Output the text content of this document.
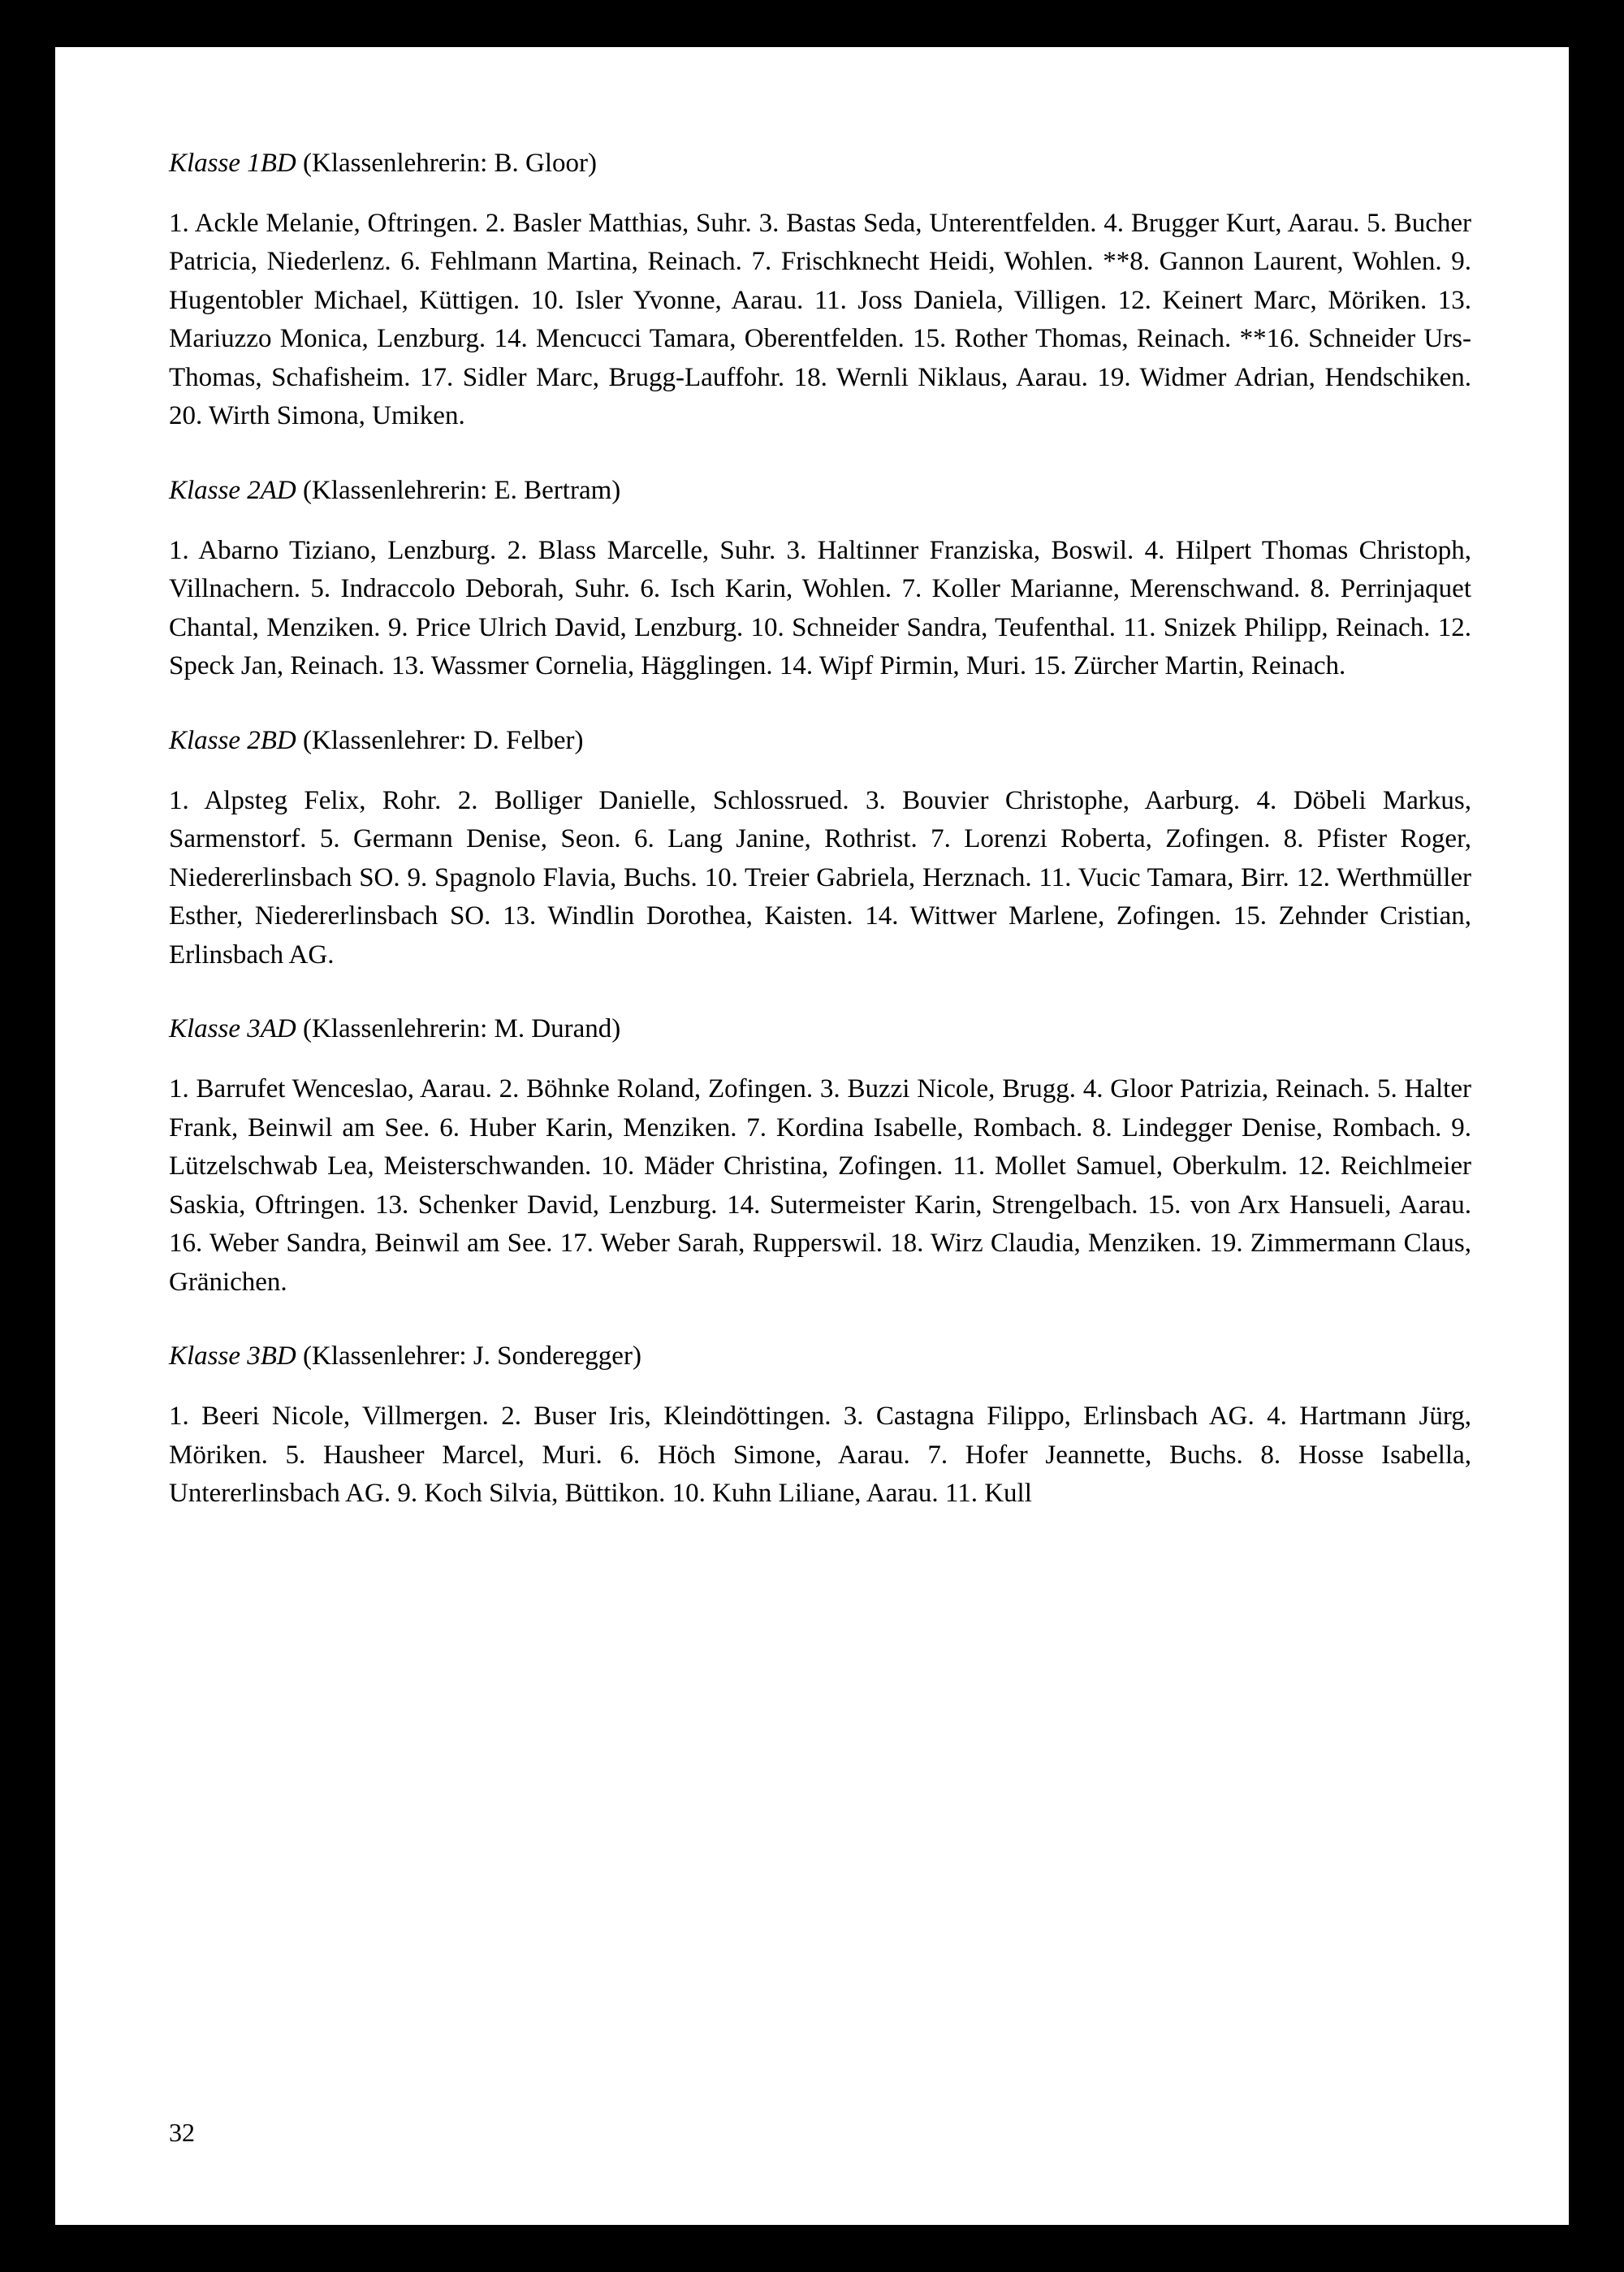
Klasse 1BD (Klassenlehrerin: B. Gloor)
1. Ackle Melanie, Oftringen. 2. Basler Matthias, Suhr. 3. Bastas Seda, Unterentfelden. 4. Brugger Kurt, Aarau. 5. Bucher Patricia, Niederlenz. 6. Fehlmann Martina, Reinach. 7. Frischknecht Heidi, Wohlen. **8. Gannon Laurent, Wohlen. 9. Hugentobler Michael, Küttigen. 10. Isler Yvonne, Aarau. 11. Joss Daniela, Villigen. 12. Keinert Marc, Möriken. 13. Mariuzzo Monica, Lenzburg. 14. Mencucci Tamara, Oberentfelden. 15. Rother Thomas, Reinach. **16. Schneider Urs-Thomas, Schafisheim. 17. Sidler Marc, Brugg-Lauffohr. 18. Wernli Niklaus, Aarau. 19. Widmer Adrian, Hendschiken. 20. Wirth Simona, Umiken.
Klasse 2AD (Klassenlehrerin: E. Bertram)
1. Abarno Tiziano, Lenzburg. 2. Blass Marcelle, Suhr. 3. Haltinner Franziska, Boswil. 4. Hilpert Thomas Christoph, Villnachern. 5. Indraccolo Deborah, Suhr. 6. Isch Karin, Wohlen. 7. Koller Marianne, Merenschwand. 8. Perrinjaquet Chantal, Menziken. 9. Price Ulrich David, Lenzburg. 10. Schneider Sandra, Teufenthal. 11. Snizek Philipp, Reinach. 12. Speck Jan, Reinach. 13. Wassmer Cornelia, Hägglingen. 14. Wipf Pirmin, Muri. 15. Zürcher Martin, Reinach.
Klasse 2BD (Klassenlehrer: D. Felber)
1. Alpsteg Felix, Rohr. 2. Bolliger Danielle, Schlossrued. 3. Bouvier Christophe, Aarburg. 4. Döbeli Markus, Sarmenstorf. 5. Germann Denise, Seon. 6. Lang Janine, Rothrist. 7. Lorenzi Roberta, Zofingen. 8. Pfister Roger, Niedererlinsbach SO. 9. Spagnolo Flavia, Buchs. 10. Treier Gabriela, Herznach. 11. Vucic Tamara, Birr. 12. Werthmüller Esther, Niedererlinsbach SO. 13. Windlin Dorothea, Kaisten. 14. Wittwer Marlene, Zofingen. 15. Zehnder Cristian, Erlinsbach AG.
Klasse 3AD (Klassenlehrerin: M. Durand)
1. Barrufet Wenceslao, Aarau. 2. Böhnke Roland, Zofingen. 3. Buzzi Nicole, Brugg. 4. Gloor Patrizia, Reinach. 5. Halter Frank, Beinwil am See. 6. Huber Karin, Menziken. 7. Kordina Isabelle, Rombach. 8. Lindegger Denise, Rombach. 9. Lützelschwab Lea, Meisterschwanden. 10. Mäder Christina, Zofingen. 11. Mollet Samuel, Oberkulm. 12. Reichlmeier Saskia, Oftringen. 13. Schenker David, Lenzburg. 14. Sutermeister Karin, Strengelbach. 15. von Arx Hansueli, Aarau. 16. Weber Sandra, Beinwil am See. 17. Weber Sarah, Rupperswil. 18. Wirz Claudia, Menziken. 19. Zimmermann Claus, Gränichen.
Klasse 3BD (Klassenlehrer: J. Sonderegger)
1. Beeri Nicole, Villmergen. 2. Buser Iris, Kleindöttingen. 3. Castagna Filippo, Erlinsbach AG. 4. Hartmann Jürg, Möriken. 5. Hausheer Marcel, Muri. 6. Höch Simone, Aarau. 7. Hofer Jeannette, Buchs. 8. Hosse Isabella, Untererlinsbach AG. 9. Koch Silvia, Büttikon. 10. Kuhn Liliane, Aarau. 11. Kull
32
